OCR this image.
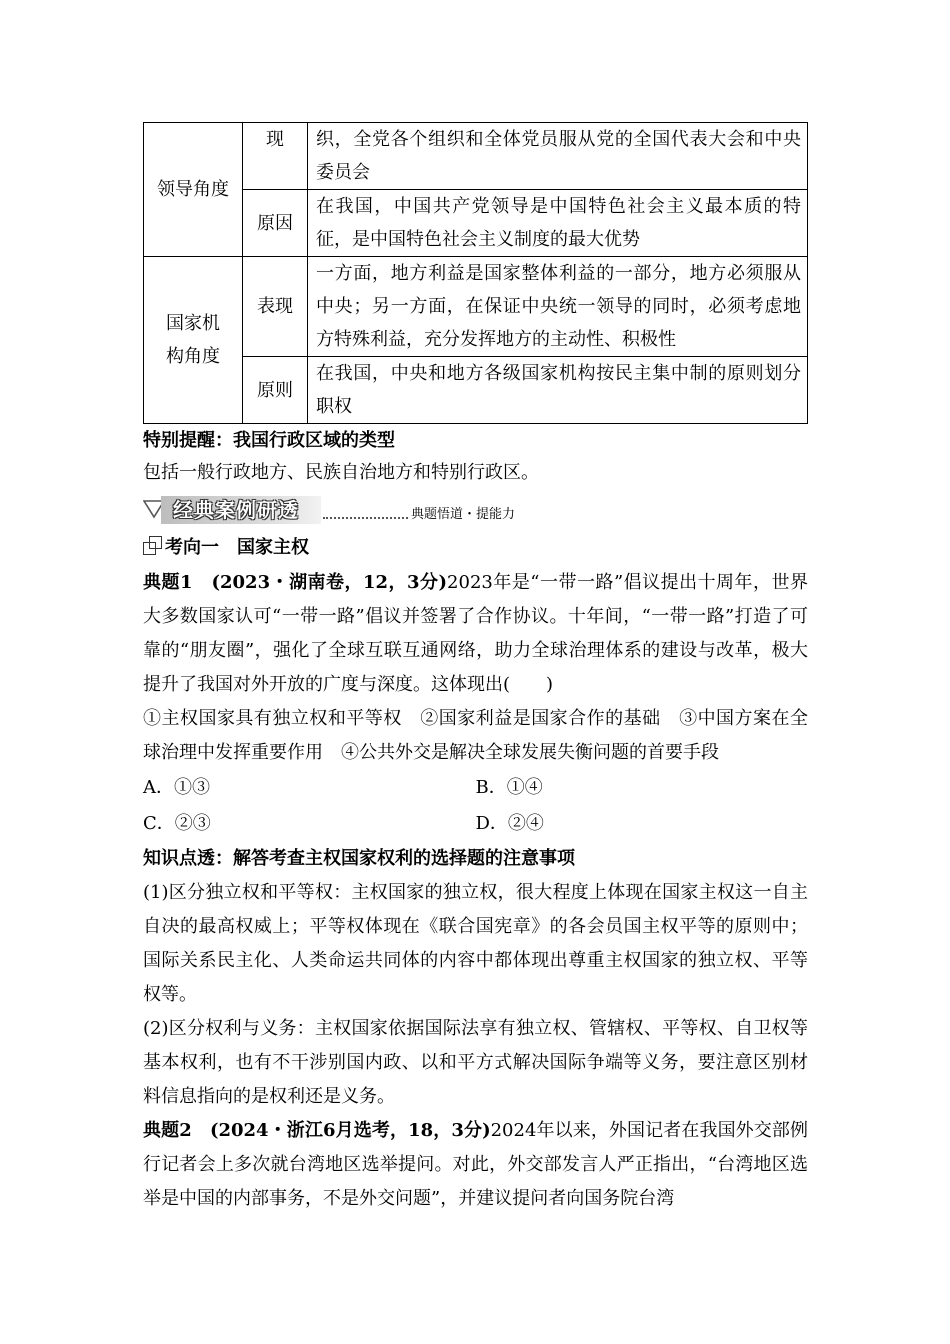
领导角度	现	织，全党各个组织和全体党员服从党的全国代表大会和中央委员会
	原因	在我国，中国共产党领导是中国特色社会主义最本质的特征，是中国特色社会主义制度的最大优势
国家机构角度	表现	一方面，地方利益是国家整体利益的一部分，地方必须服从中央；另一方面，在保证中央统一领导的同时，必须考虑地方特殊利益，充分发挥地方的主动性、积极性
	原则	在我国，中央和地方各级国家机构按民主集中制的原则划分职权
特别提醒：我国行政区域的类型
包括一般行政地方、民族自治地方和特别行政区。
经典案例研透	典题悟道・提能力
考向一　国家主权
典题1　 (2023・湖南卷，12，3分)2023年是“一带一路”倡议提出十周年，世界大多数国家认可“一带一路”倡议并签署了合作协议。十年间，“一带一路”打造了可靠的“朋友圈”，强化了全球互联互通网络，助力全球治理体系的建设与改革，极大提升了我国对外开放的广度与深度。这体现出(　　)
①主权国家具有独立权和平等权　②国家利益是国家合作的基础　③中国方案在全球治理中发挥重要作用　④公共外交是解决全球发展失衡问题的首要手段
A．①③	B．①④
C．②③	D．②④
知识点透：解答考查主权国家权利的选择题的注意事项
(1)区分独立权和平等权：主权国家的独立权，很大程度上体现在国家主权这一自主自决的最高权威上；平等权体现在《联合国宪章》的各会员国主权平等的原则中；国际关系民主化、人类命运共同体的内容中都体现出尊重主权国家的独立权、平等权等。
(2)区分权利与义务：主权国家依据国际法享有独立权、管辖权、平等权、自卫权等基本权利，也有不干涉别国内政、以和平方式解决国际争端等义务，要注意区别材料信息指向的是权利还是义务。
典题2　 (2024・浙江6月选考，18，3分)2024年以来，外国记者在我国外交部例行记者会上多次就台湾地区选举提问。对此，外交部发言人严正指出，“台湾地区选举是中国的内部事务，不是外交问题”，并建议提问者向国务院台湾
